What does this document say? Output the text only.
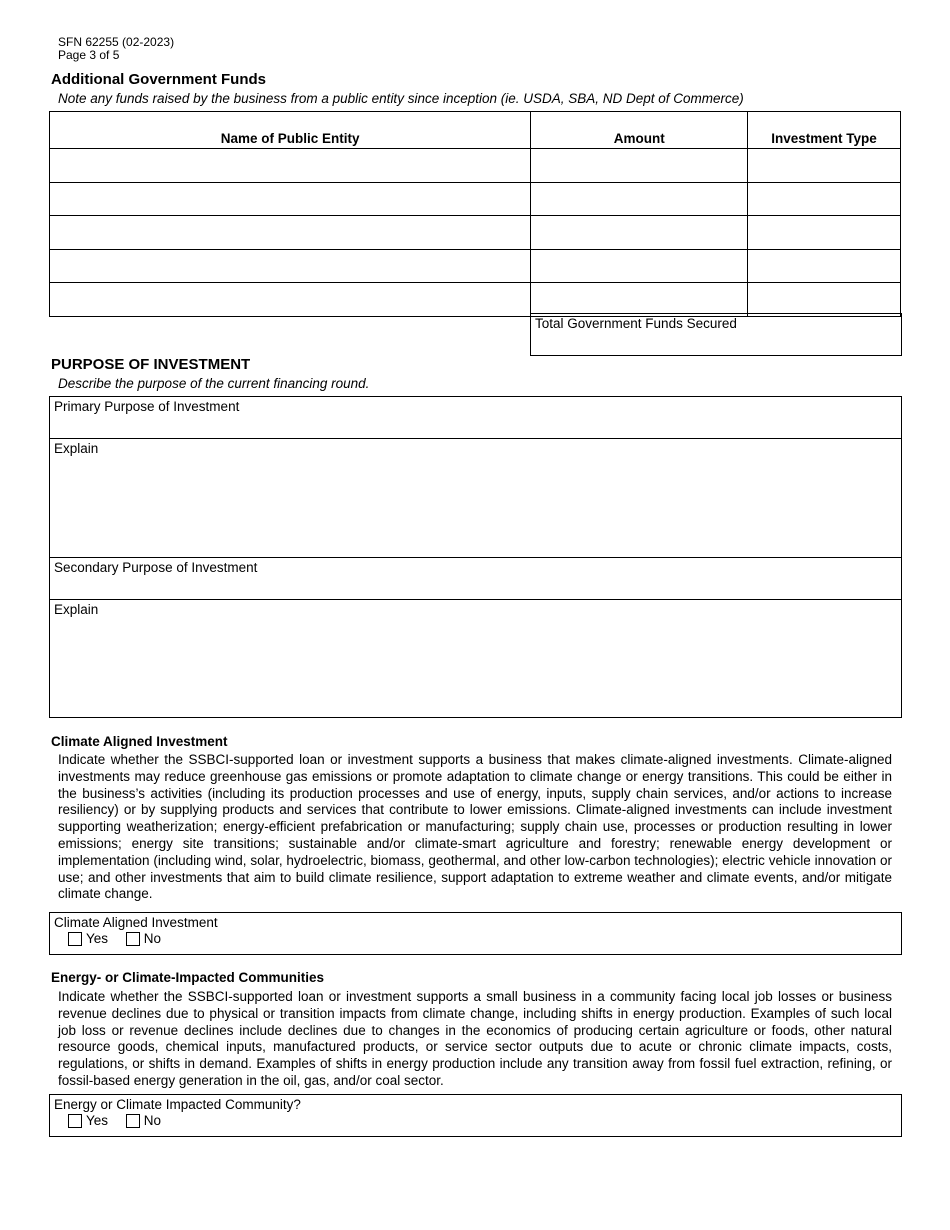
SFN 62255 (02-2023)
Page 3 of 5
Additional Government Funds
Note any funds raised by the business from a public entity since inception (ie. USDA, SBA, ND Dept of Commerce)
Name of Public Entity	Amount	Investment Type

Total Government Funds Secured
PURPOSE OF INVESTMENT
Describe the purpose of the current financing round.
Primary Purpose of Investment
Explain
Secondary Purpose of Investment
Explain
Climate Aligned Investment
Indicate whether the SSBCI-supported loan or investment supports a business that makes climate-aligned investments. Climate-aligned investments may reduce greenhouse gas emissions or promote adaptation to climate change or energy transitions. This could be either in the business’s activities (including its production processes and use of energy, inputs, supply chain services, and/or actions to increase resiliency) or by supplying products and services that contribute to lower emissions. Climate-aligned investments can include investment supporting weatherization; energy-efficient prefabrication or manufacturing; supply chain use, processes or production resulting in lower emissions; energy site transitions; sustainable and/or climate-smart agriculture and forestry; renewable energy development or implementation (including wind, solar, hydroelectric, biomass, geothermal, and other low-carbon technologies); electric vehicle innovation or use; and other investments that aim to build climate resilience, support adaptation to extreme weather and climate events, and/or mitigate climate change.
Climate Aligned Investment
Yes	No
Energy- or Climate-Impacted Communities
Indicate whether the SSBCI-supported loan or investment supports a small business in a community facing local job losses or business revenue declines due to physical or transition impacts from climate change, including shifts in energy production. Examples of such local job loss or revenue declines include declines due to changes in the economics of producing certain agriculture or foods, other natural resource goods, chemical inputs, manufactured products, or service sector outputs due to acute or chronic climate impacts, costs, regulations, or shifts in demand. Examples of shifts in energy production include any transition away from fossil fuel extraction, refining, or fossil-based energy generation in the oil, gas, and/or coal sector.
Energy or Climate Impacted Community?
Yes	No
